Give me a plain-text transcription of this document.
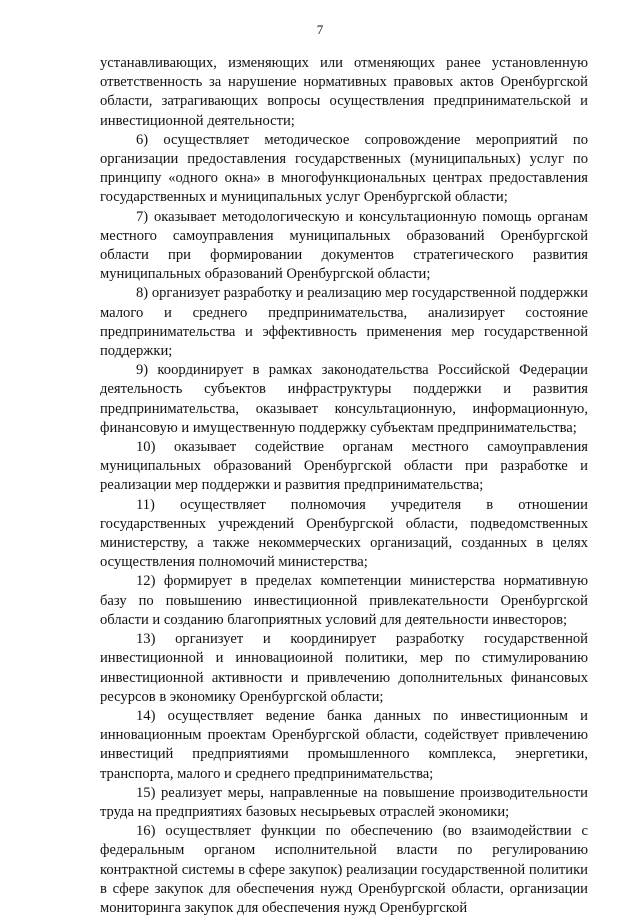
7

устанавливающих, изменяющих или отменяющих ранее установленную ответственность за нарушение нормативных правовых актов Оренбургской области, затрагивающих вопросы осуществления предпринимательской и инвестиционной деятельности;

6) осуществляет методическое сопровождение мероприятий по организации предоставления государственных (муниципальных) услуг по принципу «одного окна» в многофункциональных центрах предоставления государственных и муниципальных услуг Оренбургской области;

7) оказывает методологическую и консультационную помощь органам местного самоуправления муниципальных образований Оренбургской области при формировании документов стратегического развития муниципальных образований Оренбургской области;

8) организует разработку и реализацию мер государственной поддержки малого и среднего предпринимательства, анализирует состояние предпринимательства и эффективность применения мер государственной поддержки;

9) координирует в рамках законодательства Российской Федерации деятельность субъектов инфраструктуры поддержки и развития предпринимательства, оказывает консультационную, информационную, финансовую и имущественную поддержку субъектам предпринимательства;

10) оказывает содействие органам местного самоуправления муниципальных образований Оренбургской области при разработке и реализации мер поддержки и развития предпринимательства;

11) осуществляет полномочия учредителя в отношении государственных учреждений Оренбургской области, подведомственных министерству, а также некоммерческих организаций, созданных в целях осуществления полномочий министерства;

12) формирует в пределах компетенции министерства нормативную базу по повышению инвестиционной привлекательности Оренбургской области и созданию благоприятных условий для деятельности инвесторов;

13) организует и координирует разработку государственной инвестиционной и инновациоиной политики, мер по стимулированию инвестиционной активности и привлечению дополнительных финансовых ресурсов в экономику Оренбургской области;

14) осуществляет ведение банка данных по инвестиционным и инновационным проектам Оренбургской области, содействует привлечению инвестиций предприятиями промышленного комплекса, энергетики, транспорта, малого и среднего предпринимательства;

15) реализует меры, направленные на повышение производительности труда на предприятиях базовых несырьевых отраслей экономики;

16) осуществляет функции по обеспечению (во взаимодействии с федеральным органом исполнительной власти по регулированию контрактной системы в сфере закупок) реализации государственной политики в сфере закупок для обеспечения нужд Оренбургской области, организации мониторинга закупок для обеспечения нужд Оренбургской
